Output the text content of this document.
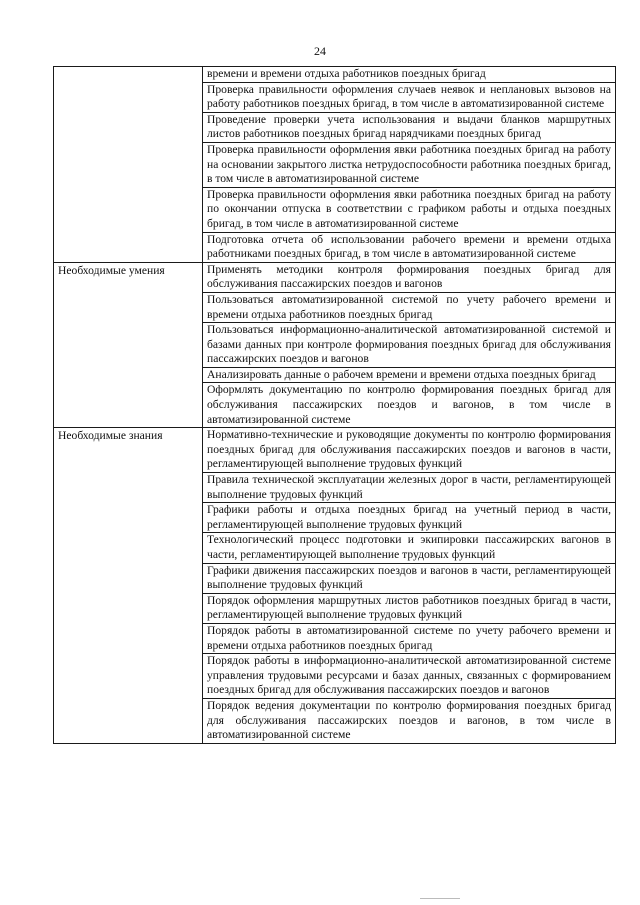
24
	времени и времени отдыха работников поездных бригад
	Проверка правильности оформления случаев неявок и неплановых вызовов на работу работников поездных бригад, в том числе в автоматизированной системе
	Проведение проверки учета использования и выдачи бланков маршрутных листов работников поездных бригад нарядчиками поездных бригад
	Проверка правильности оформления явки работника поездных бригад на работу на основании закрытого листка нетрудоспособности работника поездных бригад, в том числе в автоматизированной системе
	Проверка правильности оформления явки работника поездных бригад на работу по окончании отпуска в соответствии с графиком работы и отдыха поездных бригад, в том числе в автоматизированной системе
	Подготовка отчета об использовании рабочего времени и времени отдыха работниками поездных бригад, в том числе в автоматизированной системе
Необходимые умения	Применять методики контроля формирования поездных бригад для обслуживания пассажирских поездов и вагонов
	Пользоваться автоматизированной системой по учету рабочего времени и времени отдыха работников поездных бригад
	Пользоваться информационно-аналитической автоматизированной системой и базами данных при контроле формирования поездных бригад для обслуживания пассажирских поездов и вагонов
	Анализировать данные о рабочем времени и времени отдыха поездных бригад
	Оформлять документацию по контролю формирования поездных бригад для обслуживания пассажирских поездов и вагонов, в том числе в автоматизированной системе
Необходимые знания	Нормативно-технические и руководящие документы по контролю формирования поездных бригад для обслуживания пассажирских поездов и вагонов в части, регламентирующей выполнение трудовых функций
	Правила технической эксплуатации железных дорог в части, регламентирующей выполнение трудовых функций
	Графики работы и отдыха поездных бригад на учетный период в части, регламентирующей выполнение трудовых функций
	Технологический процесс подготовки и экипировки пассажирских вагонов в части, регламентирующей выполнение трудовых функций
	Графики движения пассажирских поездов и вагонов в части, регламентирующей выполнение трудовых функций
	Порядок оформления маршрутных листов работников поездных бригад в части, регламентирующей выполнение трудовых функций
	Порядок работы в автоматизированной системе по учету рабочего времени и времени отдыха работников поездных бригад
	Порядок работы в информационно-аналитической автоматизированной системе управления трудовыми ресурсами и базах данных, связанных с формированием поездных бригад для обслуживания пассажирских поездов и вагонов
	Порядок ведения документации по контролю формирования поездных бригад для обслуживания пассажирских поездов и вагонов, в том числе в автоматизированной системе
